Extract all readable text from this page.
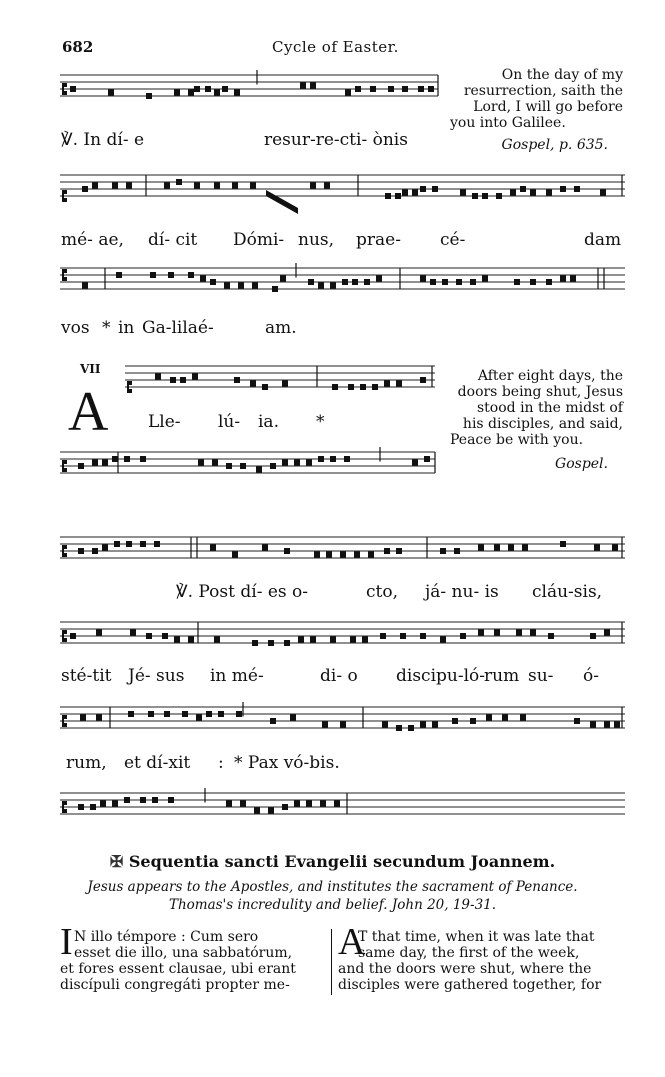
682	Cycle of Easter.
On the day of my
resurrection, saith the
Lord, I will go before
you into Galilee.
Gospel, p. 635.
℣. In dí- e	resur-re-cti- ònis
mé- ae, dí- cit Dómi- nus, prae- cé-	dam
vos * in Ga-lilaé-	am.
VII
A Lle- lú- ia. *
After eight days, the
doors being shut, Jesus
stood in the midst of
his disciples, and said,
Peace be with you.
Gospel.
℣. Post dí- es o-	cto, já- nu- is cláu-sis,
sté-tit Jé- sus in mé-	di- o discipu-ló- rum su- ó-
rum, et dí-xit : * Pax vó-bis.
✠ Sequentia sancti Evangelii secundum Joannem.
Jesus appears to the Apostles, and institutes the sacrament of Penance.
Thomas's incredulity and belief. John 20, 19-31.
I N illo témpore : Cum sero
esset die illo, una sabbatórum,
et fores essent clausae, ubi erant
discípuli congregáti propter me-
A
T that time, when it was late that
same day, the first of the week,
and the doors were shut, where the
disciples were gathered together, for
